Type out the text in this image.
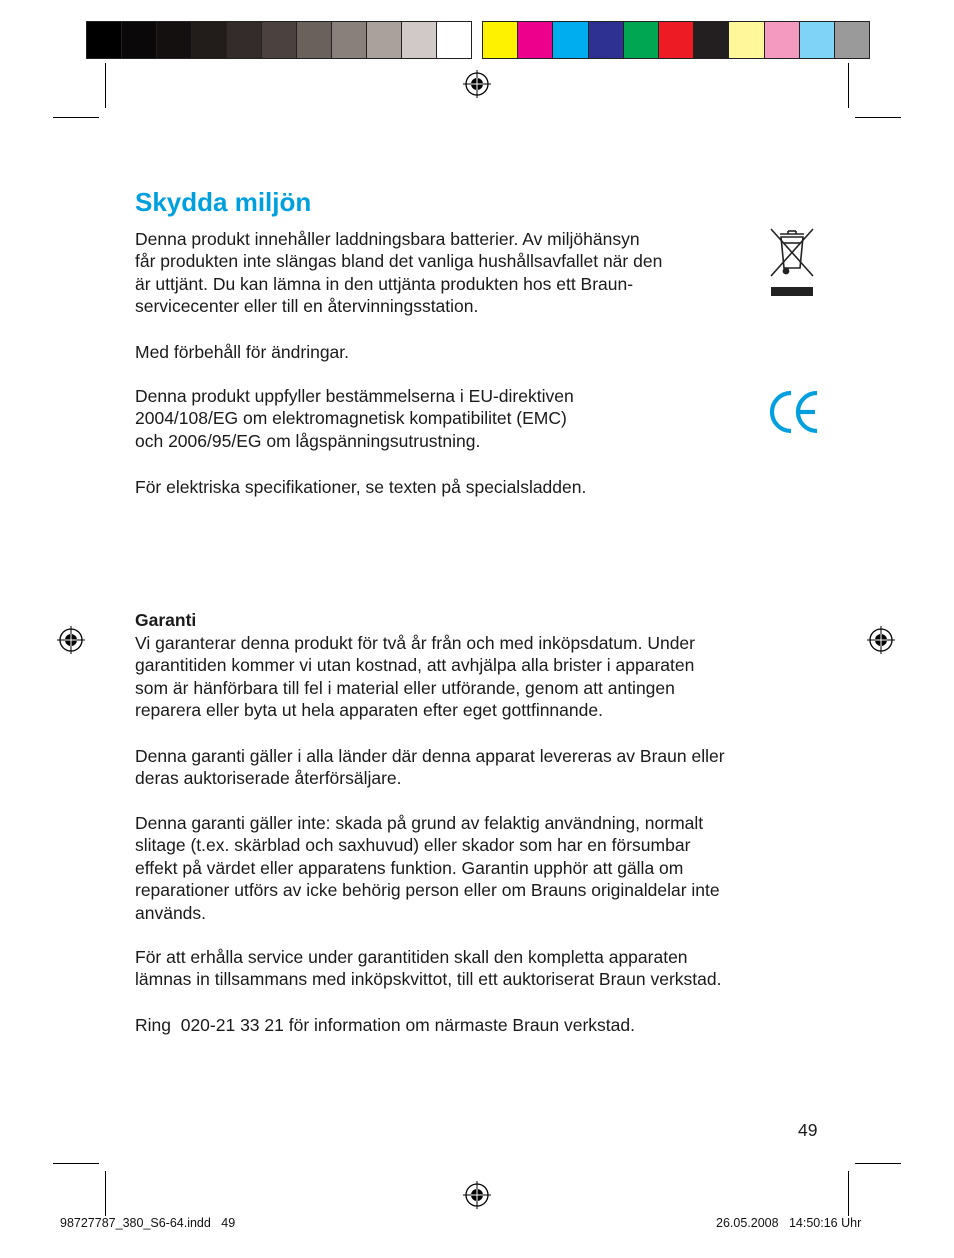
Skydda miljön

Denna produkt innehåller laddningsbara batterier. Av miljöhänsyn
får produkten inte slängas bland det vanliga hushållsavfallet när den
är uttjänt. Du kan lämna in den uttjänta produkten hos ett Braun-
servicecenter eller till en återvinningsstation.

Med förbehåll för ändringar.

Denna produkt uppfyller bestämmelserna i EU-direktiven
2004/108/EG om elektromagnetisk kompatibilitet (EMC)
och 2006/95/EG om lågspänningsutrustning.

För elektriska specifikationer, se texten på specialsladden.

Garanti

Vi garanterar denna produkt för två år från och med inköpsdatum. Under
garantitiden kommer vi utan kostnad, att avhjälpa alla brister i apparaten
som är hänförbara till fel i material eller utförande, genom att antingen
reparera eller byta ut hela apparaten efter eget gottfinnande.

Denna garanti gäller i alla länder där denna apparat levereras av Braun eller
deras auktoriserade återförsäljare.

Denna garanti gäller inte: skada på grund av felaktig användning, normalt
slitage (t.ex. skärblad och saxhuvud) eller skador som har en försumbar
effekt på värdet eller apparatens funktion. Garantin upphör att gälla om
reparationer utförs av icke behörig person eller om Brauns originaldelar inte
används.

För att erhålla service under garantitiden skall den kompletta apparaten
lämnas in tillsammans med inköpskvittot, till ett auktoriserat Braun verkstad.

Ring  020-21 33 21 för information om närmaste Braun verkstad.

49
98727787_380_S6-64.indd   49	26.05.2008   14:50:16 Uhr
